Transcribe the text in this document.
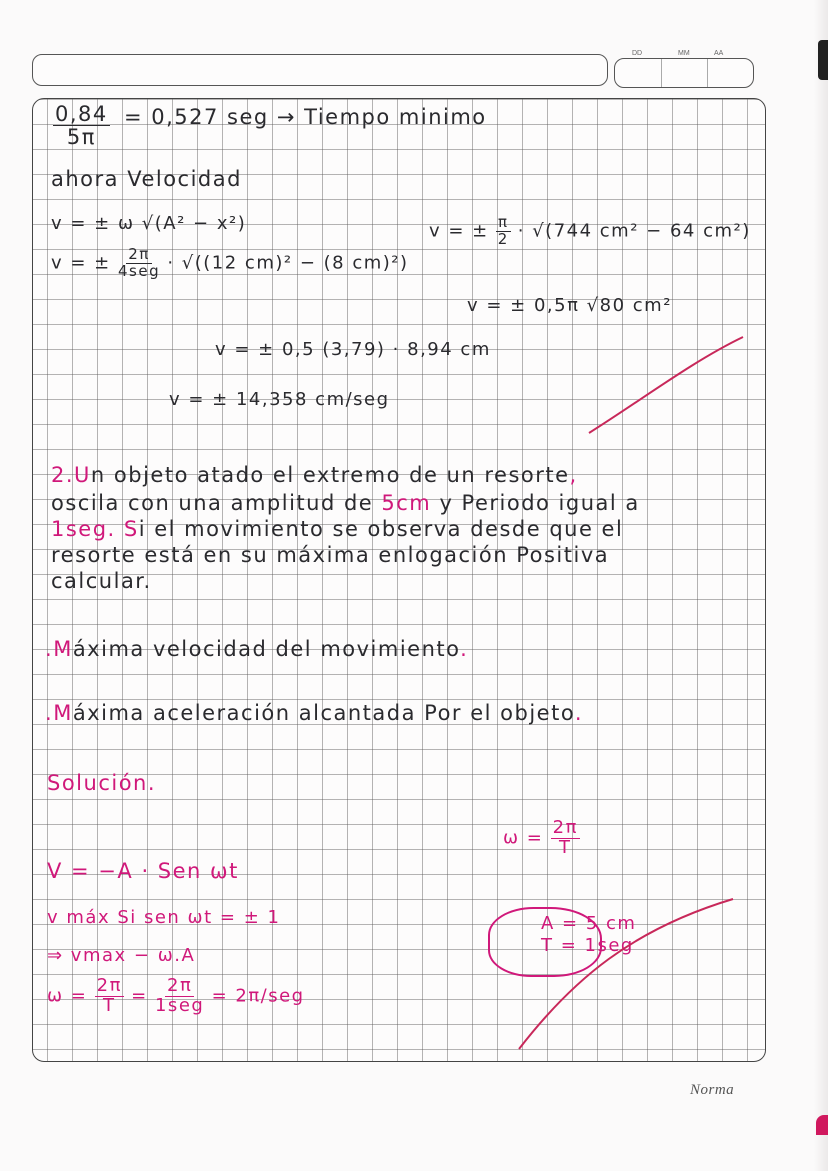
DD	MM	AA
$\frac{0,84}{5\pi} = 0,527$ seg → Tiempo minimo
ahora Velocidad
v = ± ω √(A² − x²)
v = ± $\frac{2\pi}{\text{4seg}} \cdot √((12$ cm)² − (8 cm)²)
v = ± $\frac{\pi}{2} \cdot √(744$ cm² − 64 cm²)
v = ± 0,5π √80 cm²
v = ± 0,5 (3,79) · 8,94 cm
v = ± 14,358 cm/seg
2.Un objeto atado el extremo de un resorte,
oscila con una amplitud de 5cm y Periodo igual a
1seg. Si el movimiento se observa desde que el
resorte está en su máxima enlogación Positiva
calcular.
.Máxima velocidad del movimiento.
.Máxima aceleración alcantada Por el objeto.
Solución.
$\omega = \frac{2\pi}{T}$
V = −A · Sen ωt
v máx Si sen ωt = ± 1
⇒ vmax − ω.A
$\omega = \frac{2\pi}{T} = \frac{2\pi}{\text{1seg}} = 2\pi/seg$
A = 5 cm
T = 1seg
Norma
